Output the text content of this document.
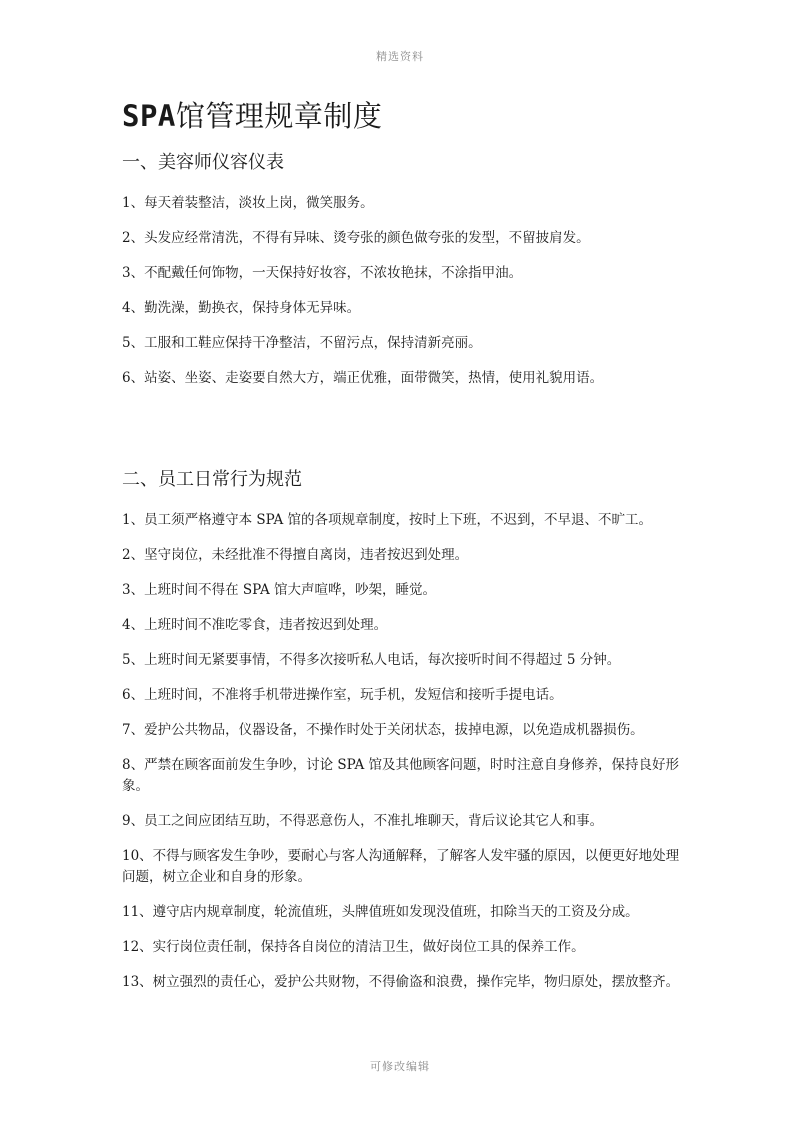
精选资料
SPA馆管理规章制度
一、美容师仪容仪表
1、每天着装整洁，淡妆上岗，微笑服务。
2、头发应经常清洗，不得有异味、烫夸张的颜色做夸张的发型，不留披肩发。
3、不配戴任何饰物，一天保持好妆容，不浓妆艳抹，不涂指甲油。
4、勤洗澡，勤换衣，保持身体无异味。
5、工服和工鞋应保持干净整洁，不留污点，保持清新亮丽。
6、站姿、坐姿、走姿要自然大方，端正优雅，面带微笑，热情，使用礼貌用语。
二、员工日常行为规范
1、员工须严格遵守本 SPA 馆的各项规章制度，按时上下班，不迟到，不早退、不旷工。
2、坚守岗位，未经批准不得擅自离岗，违者按迟到处理。
3、上班时间不得在 SPA 馆大声喧哗，吵架，睡觉。
4、上班时间不准吃零食，违者按迟到处理。
5、上班时间无紧要事情，不得多次接听私人电话，每次接听时间不得超过 5 分钟。
6、上班时间，不准将手机带进操作室，玩手机，发短信和接听手提电话。
7、爱护公共物品，仪器设备，不操作时处于关闭状态，拔掉电源，以免造成机器损伤。
8、严禁在顾客面前发生争吵，讨论 SPA 馆及其他顾客问题，时时注意自身修养，保持良好形象。
9、员工之间应团结互助，不得恶意伤人，不准扎堆聊天，背后议论其它人和事。
10、不得与顾客发生争吵，要耐心与客人沟通解释，了解客人发牢骚的原因，以便更好地处理问题，树立企业和自身的形象。
11、遵守店内规章制度，轮流值班，头牌值班如发现没值班，扣除当天的工资及分成。
12、实行岗位责任制，保持各自岗位的清洁卫生，做好岗位工具的保养工作。
13、树立强烈的责任心，爱护公共财物，不得偷盗和浪费，操作完毕，物归原处，摆放整齐。
可修改编辑
